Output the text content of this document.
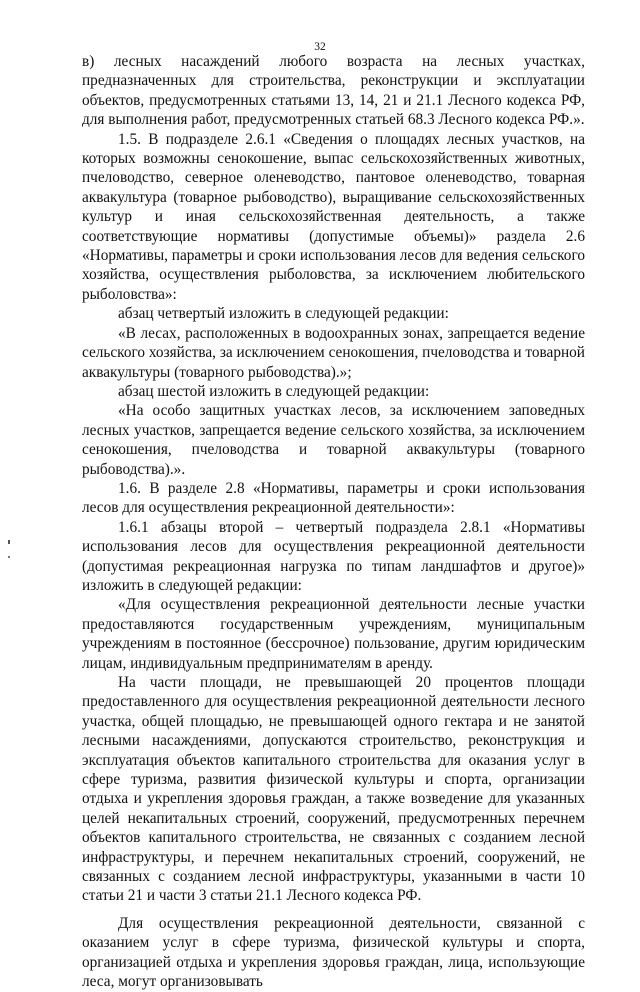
32

в) лесных насаждений любого возраста на лесных участках, предназначенных для строительства, реконструкции и эксплуатации объектов, предусмотренных статьями 13, 14, 21 и 21.1 Лесного кодекса РФ, для выполнения работ, предусмотренных статьей 68.3 Лесного кодекса РФ.».

1.5. В подразделе 2.6.1 «Сведения о площадях лесных участков, на которых возможны сенокошение, выпас сельскохозяйственных животных, пчеловодство, северное оленеводство, пантовое оленеводство, товарная аквакультура (товарное рыбоводство), выращивание сельскохозяйственных культур и иная сельскохозяйственная деятельность, а также соответствующие нормативы (допустимые объемы)» раздела 2.6 «Нормативы, параметры и сроки использования лесов для ведения сельского хозяйства, осуществления рыболовства, за исключением любительского рыболовства»:

абзац четвертый изложить в следующей редакции:

«В лесах, расположенных в водоохранных зонах, запрещается ведение сельского хозяйства, за исключением сенокошения, пчеловодства и товарной аквакультуры (товарного рыбоводства).»;

абзац шестой изложить в следующей редакции:

«На особо защитных участках лесов, за исключением заповедных лесных участков, запрещается ведение сельского хозяйства, за исключением сенокошения, пчеловодства и товарной аквакультуры (товарного рыбоводства).».

1.6. В разделе 2.8 «Нормативы, параметры и сроки использования лесов для осуществления рекреационной деятельности»:

1.6.1 абзацы второй – четвертый подраздела 2.8.1 «Нормативы использования лесов для осуществления рекреационной деятельности (допустимая рекреационная нагрузка по типам ландшафтов и другое)» изложить в следующей редакции:

«Для осуществления рекреационной деятельности лесные участки предоставляются государственным учреждениям, муниципальным учреждениям в постоянное (бессрочное) пользование, другим юридическим лицам, индивидуальным предпринимателям в аренду.

На части площади, не превышающей 20 процентов площади предоставленного для осуществления рекреационной деятельности лесного участка, общей площадью, не превышающей одного гектара и не занятой лесными насаждениями, допускаются строительство, реконструкция и эксплуатация объектов капитального строительства для оказания услуг в сфере туризма, развития физической культуры и спорта, организации отдыха и укрепления здоровья граждан, а также возведение для указанных целей некапитальных строений, сооружений, предусмотренных перечнем объектов капитального строительства, не связанных с созданием лесной инфраструктуры, и перечнем некапитальных строений, сооружений, не связанных с созданием лесной инфраструктуры, указанными в части 10 статьи 21 и части 3 статьи 21.1 Лесного кодекса РФ.

Для осуществления рекреационной деятельности, связанной с оказанием услуг в сфере туризма, физической культуры и спорта, организацией отдыха и укрепления здоровья граждан, лица, использующие леса, могут организовывать
